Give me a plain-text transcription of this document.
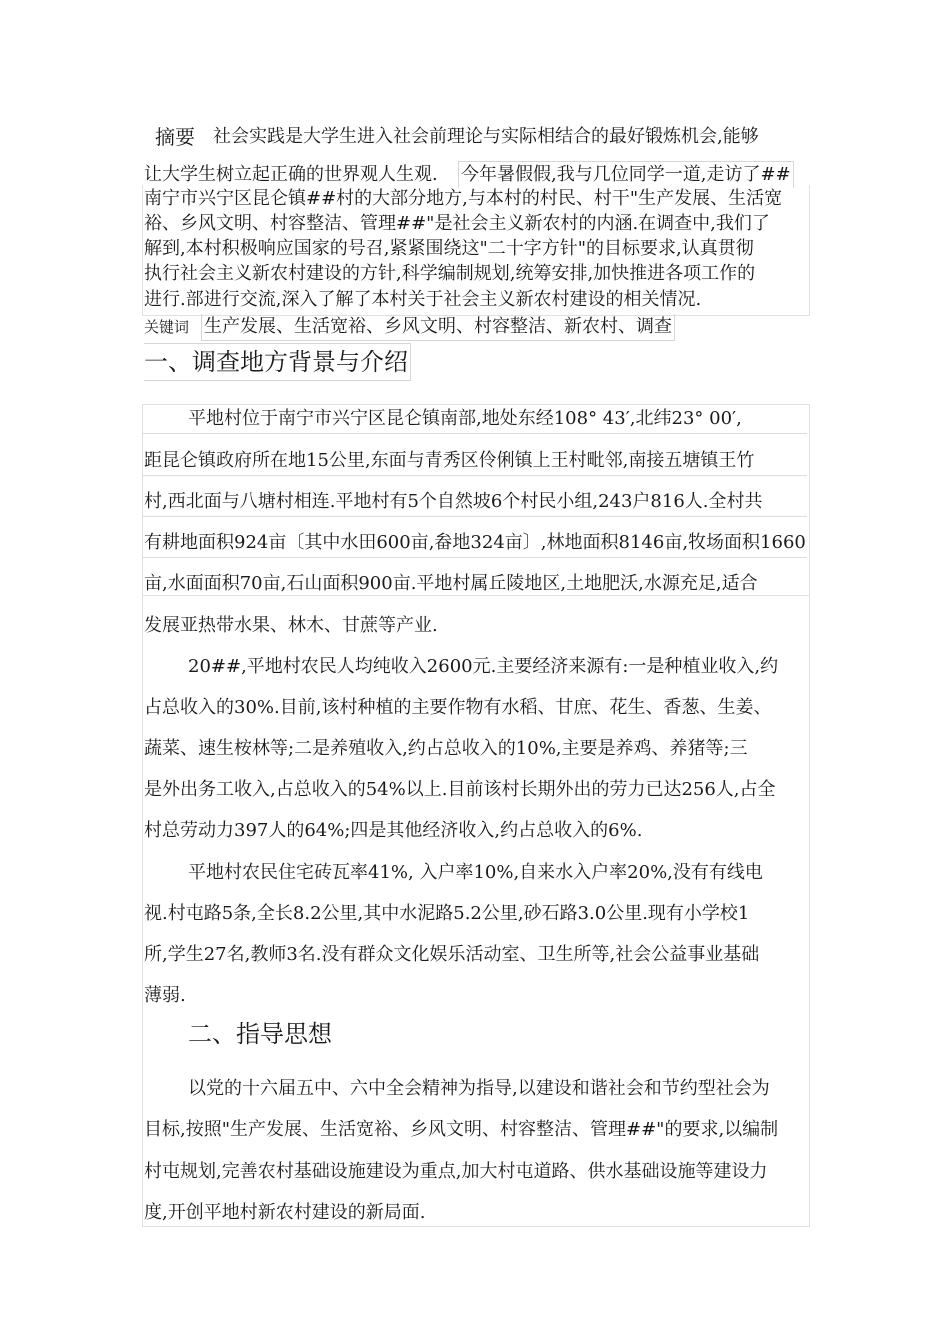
摘要 社会实践是大学生进入社会前理论与实际相结合的最好锻炼机会,能够
让大学生树立起正确的世界观人生观. 今年暑假假,我与几位同学一道,走访了##
南宁市兴宁区昆仑镇##村的大部分地方,与本村的村民、村干"生产发展、生活宽
裕、乡风文明、村容整洁、管理##"是社会主义新农村的内涵.在调查中,我们了
解到,本村积极响应国家的号召,紧紧围绕这"二十字方针"的目标要求,认真贯彻
执行社会主义新农村建设的方针,科学编制规划,统筹安排,加快推进各项工作的
进行.部进行交流,深入了解了本村关于社会主义新农村建设的相关情况.
关键词 生产发展、生活宽裕、乡风文明、村容整洁、新农村、调查
一、调查地方背景与介绍
平地村位于南宁市兴宁区昆仑镇南部,地处东经108° 43′,北纬23° 00′,
距昆仑镇政府所在地15公里,东面与青秀区伶俐镇上王村毗邻,南接五塘镇王竹
村,西北面与八塘村相连.平地村有5个自然坡6个村民小组,243户816人.全村共
有耕地面积924亩〔其中水田600亩,畚地324亩〕,林地面积8146亩,牧场面积1660
亩,水面面积70亩,石山面积900亩.平地村属丘陵地区,土地肥沃,水源充足,适合
发展亚热带水果、林木、甘蔗等产业.
20##,平地村农民人均纯收入2600元.主要经济来源有:一是种植业收入,约
占总收入的30%.目前,该村种植的主要作物有水稻、甘庶、花生、香葱、生姜、
蔬菜、速生桉林等;二是养殖收入,约占总收入的10%,主要是养鸡、养猪等;三
是外出务工收入,占总收入的54%以上.目前该村长期外出的劳力已达256人,占全
村总劳动力397人的64%;四是其他经济收入,约占总收入的6%.
平地村农民住宅砖瓦率41%, 入户率10%,自来水入户率20%,没有有线电
视.村屯路5条,全长8.2公里,其中水泥路5.2公里,砂石路3.0公里.现有小学校1
所,学生27名,教师3名.没有群众文化娱乐活动室、卫生所等,社会公益事业基础
薄弱.
二、指导思想
以党的十六届五中、六中全会精神为指导,以建设和谐社会和节约型社会为
目标,按照"生产发展、生活宽裕、乡风文明、村容整洁、管理##"的要求,以编制
村屯规划,完善农村基础设施建设为重点,加大村屯道路、供水基础设施等建设力
度,开创平地村新农村建设的新局面.
